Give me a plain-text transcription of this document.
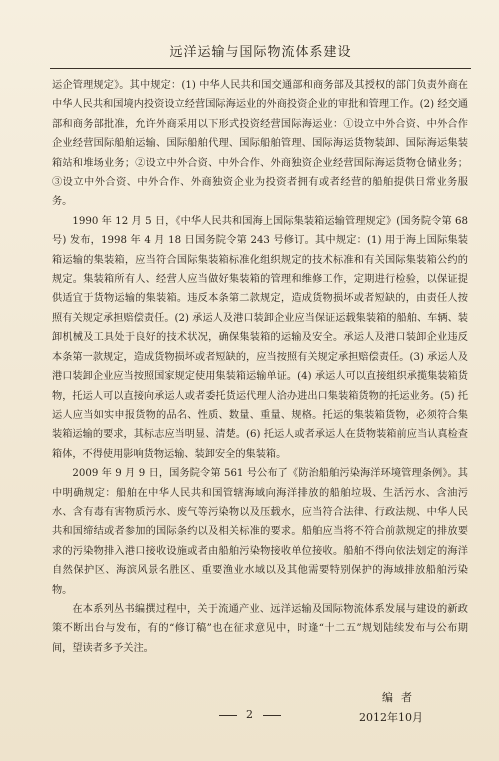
远洋运输与国际物流体系建设

运企管理规定》。其中规定：(1) 中华人民共和国交通部和商务部及其授权的部门负责外商在中华人民共和国境内投资设立经营国际海运业的外商投资企业的审批和管理工作。(2) 经交通部和商务部批准，允许外商采用以下形式投资经营国际海运业：①设立中外合资、中外合作企业经营国际船舶运输、国际船舶代理、国际船舶管理、国际海运货物装卸、国际海运集装箱站和堆场业务；②设立中外合资、中外合作、外商独资企业经营国际海运货物仓储业务；③设立中外合资、中外合作、外商独资企业为投资者拥有或者经营的船舶提供日常业务服务。

1990 年 12 月 5 日，《中华人民共和国海上国际集装箱运输管理规定》(国务院令第 68 号) 发布，1998 年 4 月 18 日国务院令第 243 号修订。其中规定：(1) 用于海上国际集装箱运输的集装箱，应当符合国际集装箱标准化组织规定的技术标准和有关国际集装箱公约的规定。集装箱所有人、经营人应当做好集装箱的管理和维修工作，定期进行检验，以保证提供适宜于货物运输的集装箱。违反本条第二款规定，造成货物损坏或者短缺的，由责任人按照有关规定承担赔偿责任。(2) 承运人及港口装卸企业应当保证运载集装箱的船舶、车辆、装卸机械及工具处于良好的技术状况，确保集装箱的运输及安全。承运人及港口装卸企业违反本条第一款规定，造成货物损坏或者短缺的，应当按照有关规定承担赔偿责任。(3) 承运人及港口装卸企业应当按照国家规定使用集装箱运输单证。(4) 承运人可以直接组织承揽集装箱货物，托运人可以直接向承运人或者委托货运代理人洽办进出口集装箱货物的托运业务。(5) 托运人应当如实申报货物的品名、性质、数量、重量、规格。托运的集装箱货物，必须符合集装箱运输的要求，其标志应当明显、清楚。(6) 托运人或者承运人在货物装箱前应当认真检查箱体，不得使用影响货物运输、装卸安全的集装箱。

2009 年 9 月 9 日，国务院令第 561 号公布了《防治船舶污染海洋环境管理条例》。其中明确规定：船舶在中华人民共和国管辖海域向海洋排放的船舶垃圾、生活污水、含油污水、含有毒有害物质污水、废气等污染物以及压载水，应当符合法律、行政法规、中华人民共和国缔结或者参加的国际条约以及相关标准的要求。船舶应当将不符合前款规定的排放要求的污染物排入港口接收设施或者由船舶污染物接收单位接收。船舶不得向依法划定的海洋自然保护区、海滨风景名胜区、重要渔业水域以及其他需要特别保护的海域排放船舶污染物。

在本系列丛书编撰过程中，关于流通产业、远洋运输及国际物流体系发展与建设的新政策不断出台与发布，有的“修订稿”也在征求意见中，时逢“十二五”规划陆续发布与公布期间，望读者多予关注。

编者
2012年10月
2
